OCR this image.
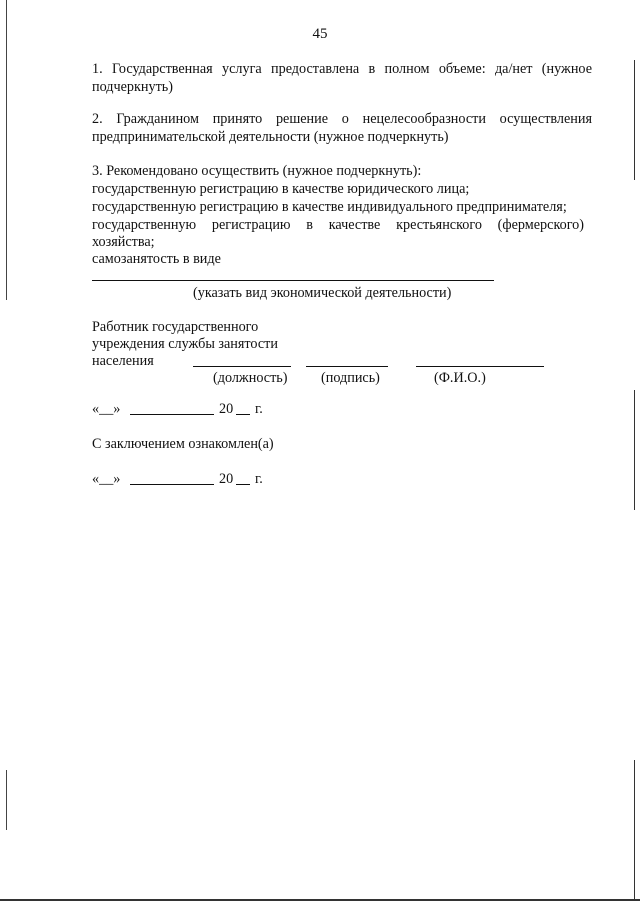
45
1. Государственная услуга предоставлена в полном объеме: да/нет (нужное
подчеркнуть)
2. Гражданином принято решение о нецелесообразности осуществления
предпринимательской деятельности (нужное подчеркнуть)
3. Рекомендовано осуществить (нужное подчеркнуть):
государственную регистрацию в качестве юридического лица;
государственную регистрацию в качестве индивидуального предпринимателя;
государственную регистрацию в качестве крестьянского (фермерского)
хозяйства;
самозанятость в виде
(указать вид экономической деятельности)
Работник государственного
учреждения службы занятости
населения
(должность) (подпись)	(Ф.И.О.)
«__»	20 г.
С заключением ознакомлен(а)
«__»	20 г.
